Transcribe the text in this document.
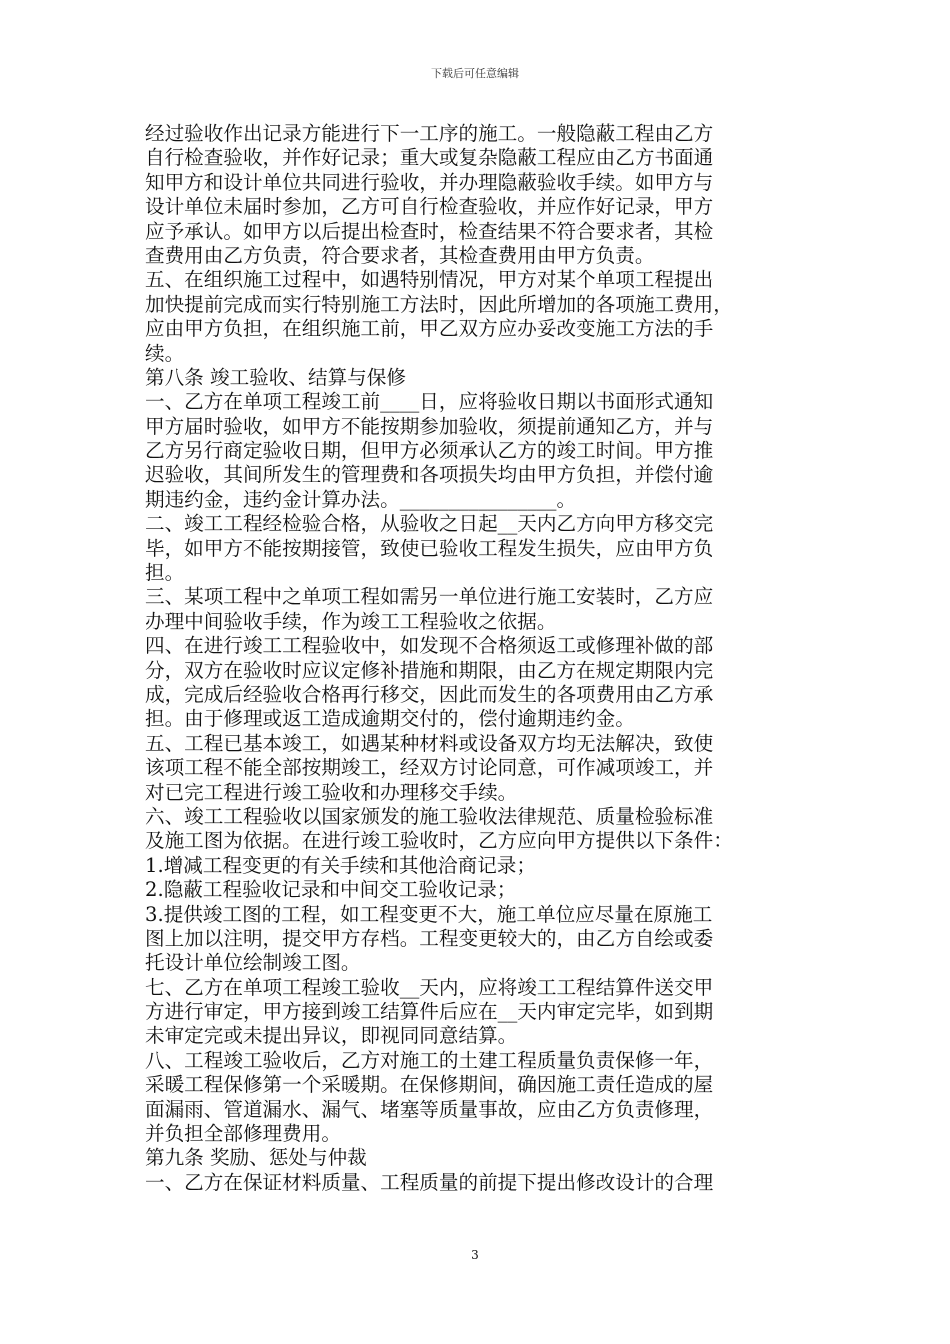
下载后可任意编辑
经过验收作出记录方能进行下一工序的施工。一般隐蔽工程由乙方
自行检查验收，并作好记录；重大或复杂隐蔽工程应由乙方书面通
知甲方和设计单位共同进行验收，并办理隐蔽验收手续。如甲方与
设计单位未届时参加，乙方可自行检查验收，并应作好记录，甲方
应予承认。如甲方以后提出检查时，检查结果不符合要求者，其检
查费用由乙方负责，符合要求者，其检查费用由甲方负责。
五、在组织施工过程中，如遇特别情况，甲方对某个单项工程提出
加快提前完成而实行特别施工方法时，因此所增加的各项施工费用，
应由甲方负担，在组织施工前，甲乙双方应办妥改变施工方法的手
续。
第八条 竣工验收、结算与保修
一、乙方在单项工程竣工前____日，应将验收日期以书面形式通知
甲方届时验收，如甲方不能按期参加验收，须提前通知乙方，并与
乙方另行商定验收日期，但甲方必须承认乙方的竣工时间。甲方推
迟验收，其间所发生的管理费和各项损失均由甲方负担，并偿付逾
期违约金，违约金计算办法。________________。
二、竣工工程经检验合格，从验收之日起__天内乙方向甲方移交完
毕，如甲方不能按期接管，致使已验收工程发生损失，应由甲方负
担。
三、某项工程中之单项工程如需另一单位进行施工安装时，乙方应
办理中间验收手续，作为竣工工程验收之依据。
四、在进行竣工工程验收中，如发现不合格须返工或修理补做的部
分，双方在验收时应议定修补措施和期限，由乙方在规定期限内完
成，完成后经验收合格再行移交，因此而发生的各项费用由乙方承
担。由于修理或返工造成逾期交付的，偿付逾期违约金。
五、工程已基本竣工，如遇某种材料或设备双方均无法解决，致使
该项工程不能全部按期竣工，经双方讨论同意，可作减项竣工，并
对已完工程进行竣工验收和办理移交手续。
六、竣工工程验收以国家颁发的施工验收法律规范、质量检验标准
及施工图为依据。在进行竣工验收时，乙方应向甲方提供以下条件：
1.增减工程变更的有关手续和其他洽商记录；
2.隐蔽工程验收记录和中间交工验收记录；
3.提供竣工图的工程，如工程变更不大，施工单位应尽量在原施工
图上加以注明，提交甲方存档。工程变更较大的，由乙方自绘或委
托设计单位绘制竣工图。
七、乙方在单项工程竣工验收__天内，应将竣工工程结算件送交甲
方进行审定，甲方接到竣工结算件后应在__天内审定完毕，如到期
未审定完或未提出异议，即视同同意结算。
八、工程竣工验收后，乙方对施工的土建工程质量负责保修一年，
采暖工程保修第一个采暖期。在保修期间，确因施工责任造成的屋
面漏雨、管道漏水、漏气、堵塞等质量事故，应由乙方负责修理，
并负担全部修理费用。
第九条 奖励、惩处与仲裁
一、乙方在保证材料质量、工程质量的前提下提出修改设计的合理
3
